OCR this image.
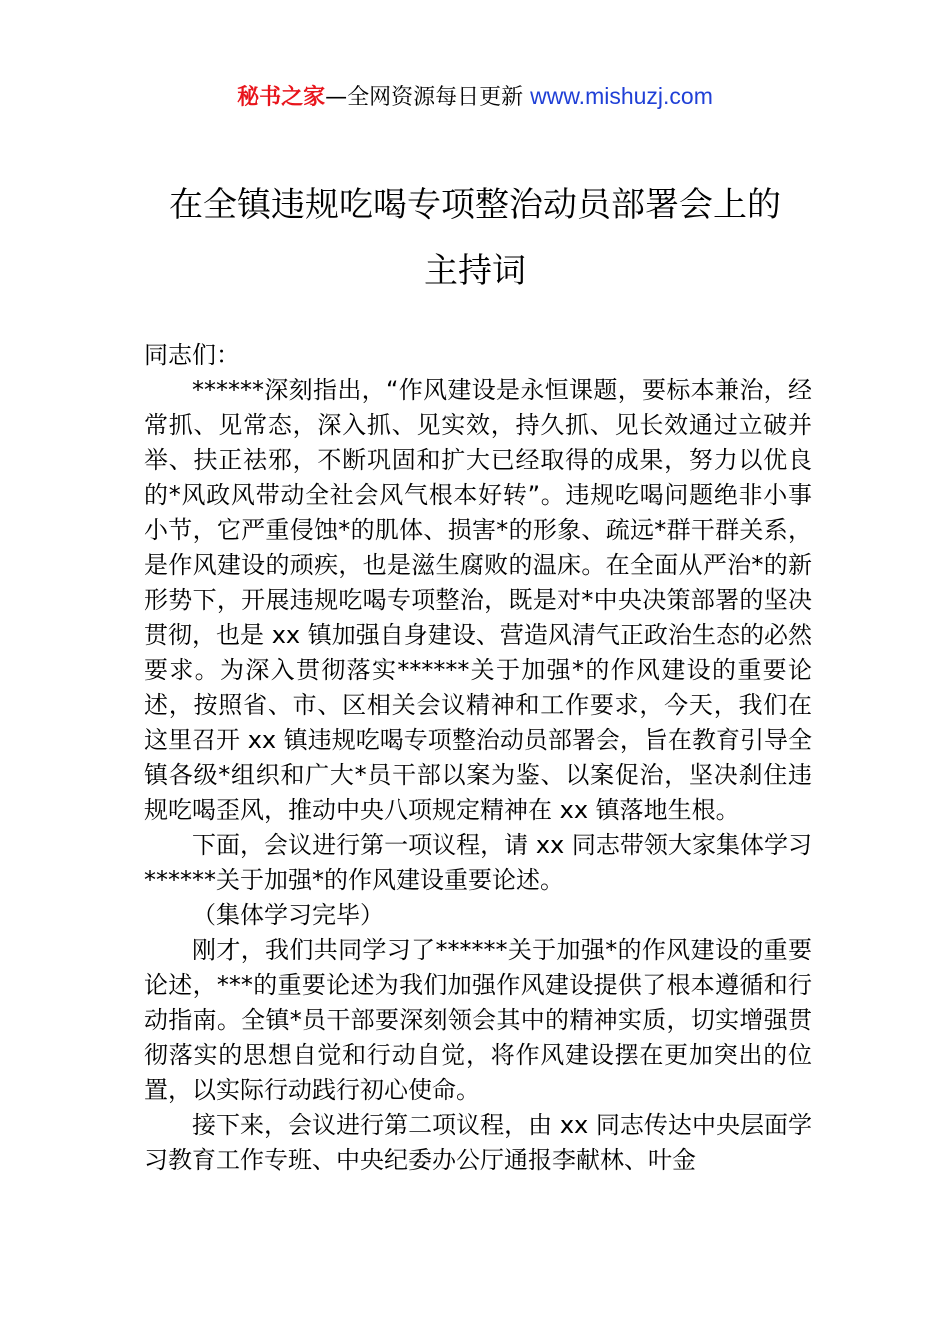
秘书之家—全网资源每日更新 www.mishuzj.com
在全镇违规吃喝专项整治动员部署会上的
主持词

同志们：

******深刻指出，“作风建设是永恒课题，要标本兼治，经常抓、见常态，深入抓、见实效，持久抓、见长效通过立破并举、扶正祛邪，不断巩固和扩大已经取得的成果，努力以优良的*风政风带动全社会风气根本好转”。违规吃喝问题绝非小事小节，它严重侵蚀*的肌体、损害*的形象、疏远*群干群关系，是作风建设的顽疾，也是滋生腐败的温床。在全面从严治*的新形势下，开展违规吃喝专项整治，既是对*中央决策部署的坚决贯彻，也是 xx 镇加强自身建设、营造风清气正政治生态的必然要求。为深入贯彻落实******关于加强*的作风建设的重要论述，按照省、市、区相关会议精神和工作要求，今天，我们在这里召开 xx 镇违规吃喝专项整治动员部署会，旨在教育引导全镇各级*组织和广大*员干部以案为鉴、以案促治，坚决刹住违规吃喝歪风，推动中央八项规定精神在 xx 镇落地生根。

下面，会议进行第一项议程，请 xx 同志带领大家集体学习******关于加强*的作风建设重要论述。

（集体学习完毕）

刚才，我们共同学习了******关于加强*的作风建设的重要论述，***的重要论述为我们加强作风建设提供了根本遵循和行动指南。全镇*员干部要深刻领会其中的精神实质，切实增强贯彻落实的思想自觉和行动自觉，将作风建设摆在更加突出的位置，以实际行动践行初心使命。

接下来，会议进行第二项议程，由 xx 同志传达中央层面学习教育工作专班、中央纪委办公厅通报李献林、叶金
